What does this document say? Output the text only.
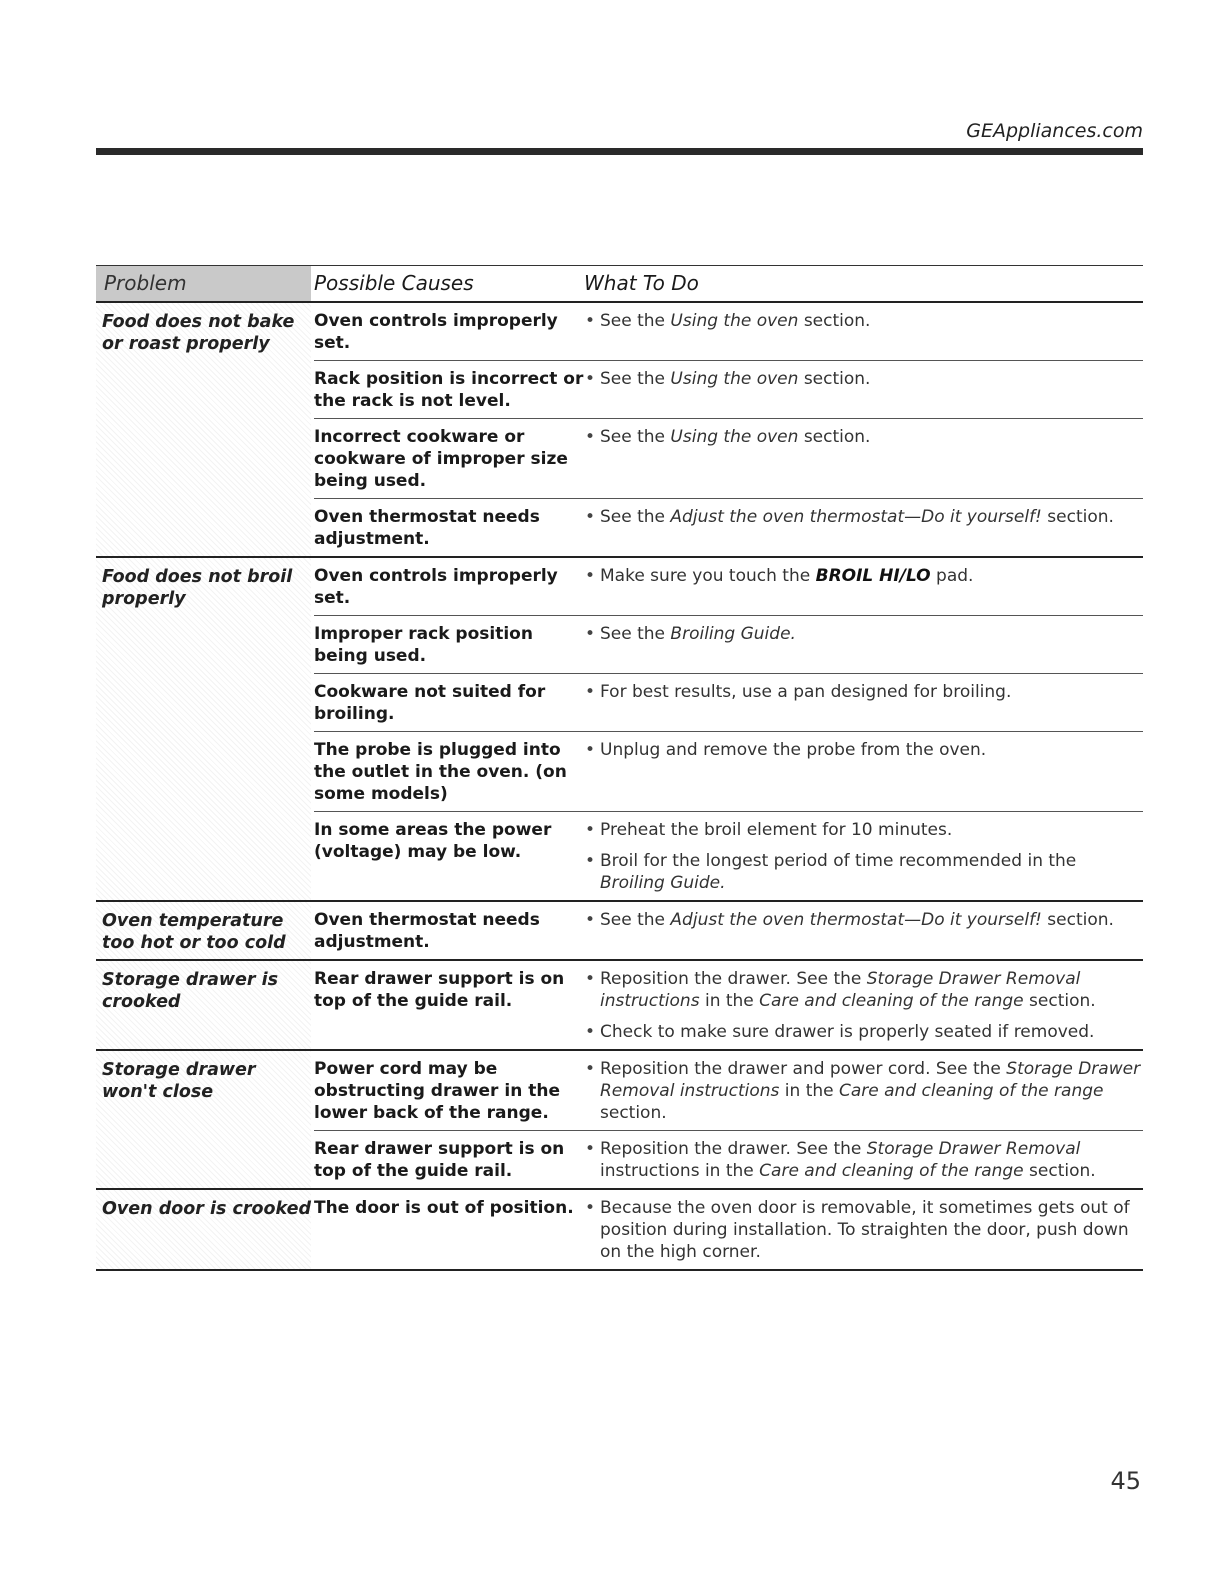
GEAppliances.com
Problem	Possible Causes	What To Do
Food does not bake or roast properly
Oven controls improperly set.
• See the Using the oven section.
Rack position is incorrect or the rack is not level.
• See the Using the oven section.
Incorrect cookware or cookware of improper size being used.
• See the Using the oven section.
Oven thermostat needs adjustment.
• See the Adjust the oven thermostat—Do it yourself! section.
Food does not broil properly
Oven controls improperly set.
• Make sure you touch the BROIL HI/LO pad.
Improper rack position being used.
• See the Broiling Guide.
Cookware not suited for broiling.
• For best results, use a pan designed for broiling.
The probe is plugged into the outlet in the oven. (on some models)
• Unplug and remove the probe from the oven.
In some areas the power (voltage) may be low.
• Preheat the broil element for 10 minutes.
• Broil for the longest period of time recommended in the Broiling Guide.
Oven temperature too hot or too cold
Oven thermostat needs adjustment.
• See the Adjust the oven thermostat—Do it yourself! section.
Storage drawer is crooked
Rear drawer support is on top of the guide rail.
• Reposition the drawer. See the Storage Drawer Removal instructions in the Care and cleaning of the range section.
• Check to make sure drawer is properly seated if removed.
Storage drawer won't close
Power cord may be obstructing drawer in the lower back of the range.
• Reposition the drawer and power cord. See the Storage Drawer Removal instructions in the Care and cleaning of the range section.
Rear drawer support is on top of the guide rail.
• Reposition the drawer. See the Storage Drawer Removal instructions in the Care and cleaning of the range section.
Oven door is crooked The door is out of position.
•	Because the oven door is removable, it sometimes gets out of position during installation. To straighten the door, push down on the high corner.
45
